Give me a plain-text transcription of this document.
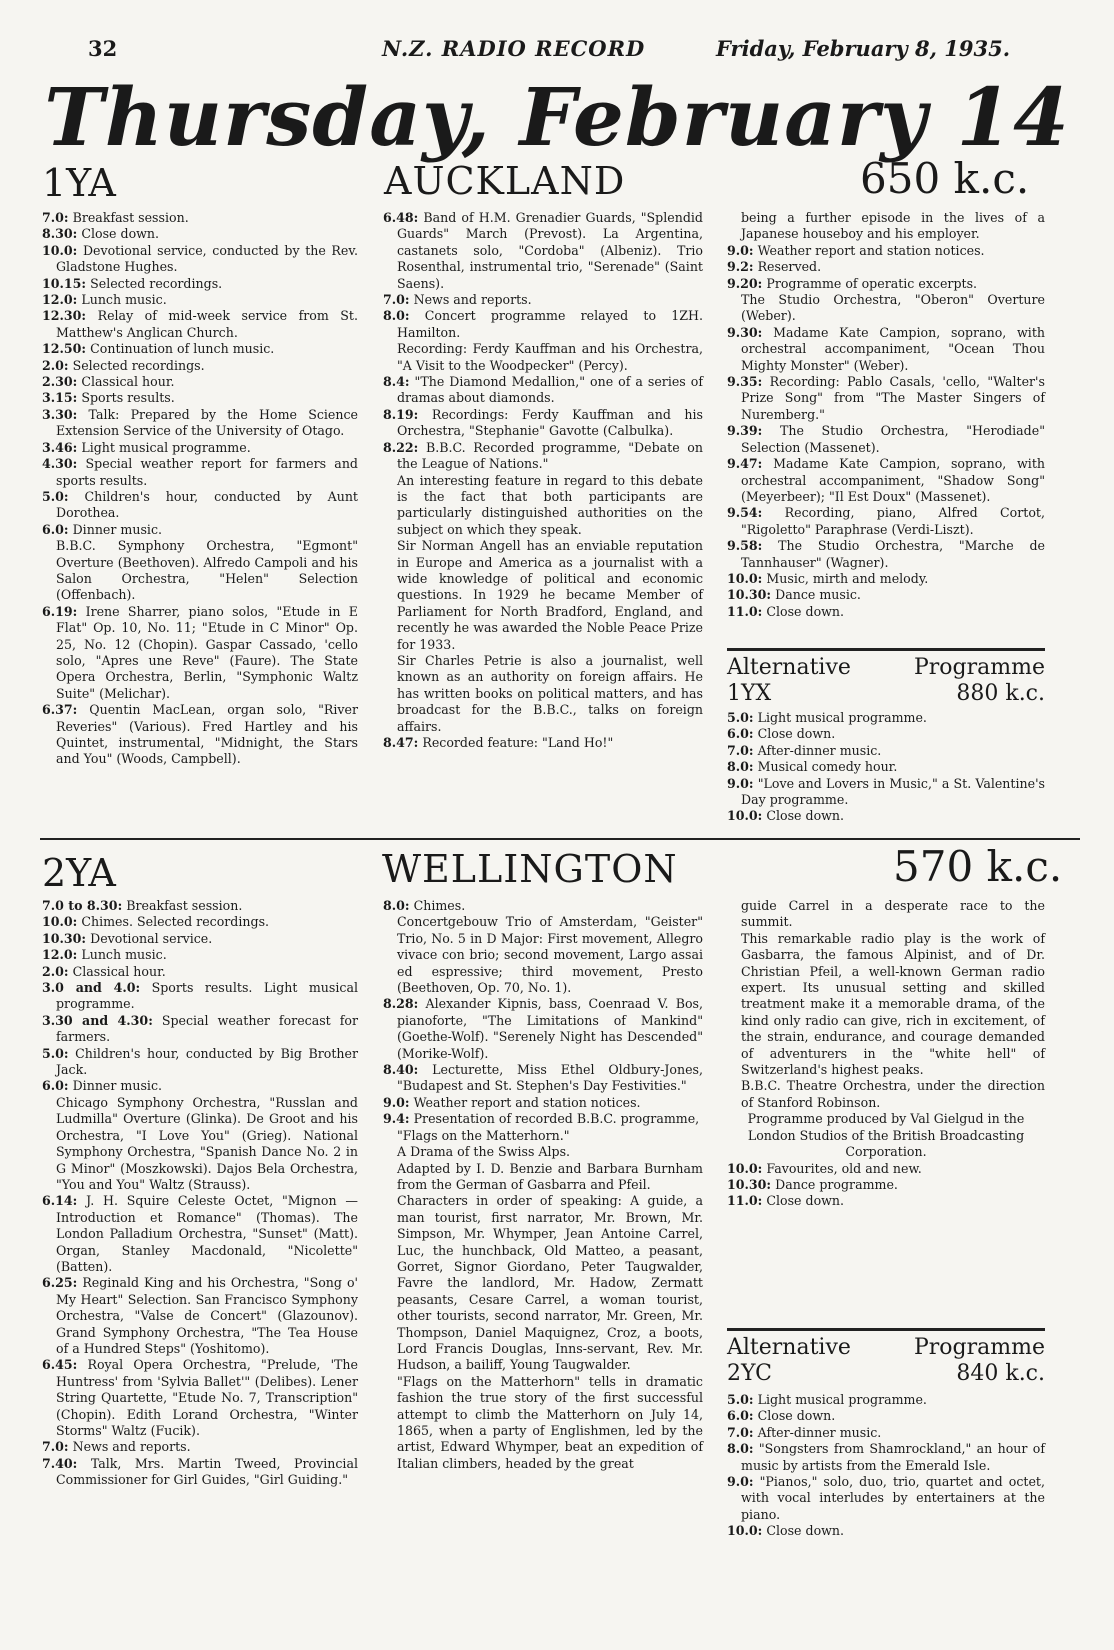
32	N.Z. RADIO RECORD	Friday, February 8, 1935.
Thursday, February 14
1YA	AUCKLAND	650 k.c.

7.0: Breakfast session.

8.30: Close down.

10.0: Devotional service, conducted by the Rev. Gladstone Hughes.

10.15: Selected recordings.

12.0: Lunch music.

12.30: Relay of mid-week service from St. Matthew's Anglican Church.

12.50: Continuation of lunch music.

2.0: Selected recordings.

2.30: Classical hour.

3.15: Sports results.

3.30: Talk: Prepared by the Home Science Extension Service of the University of Otago.

3.46: Light musical programme.

4.30: Special weather report for farmers and sports results.

5.0: Children's hour, conducted by Aunt Dorothea.

6.0: Dinner music.

B.B.C. Symphony Orchestra, "Egmont" Overture (Beethoven). Alfredo Campoli and his Salon Orchestra, "Helen" Selection (Offenbach).

6.19: Irene Sharrer, piano solos, "Etude in E Flat" Op. 10, No. 11; "Etude in C Minor" Op. 25, No. 12 (Chopin). Gaspar Cassado, 'cello solo, "Apres une Reve" (Faure). The State Opera Orchestra, Berlin, "Symphonic Waltz Suite" (Melichar).

6.37: Quentin MacLean, organ solo, "River Reveries" (Various). Fred Hartley and his Quintet, instrumental, "Midnight, the Stars and You" (Woods, Campbell).

6.48: Band of H.M. Grenadier Guards, "Splendid Guards" March (Prevost). La Argentina, castanets solo, "Cordoba" (Albeniz). Trio Rosenthal, instrumental trio, "Serenade" (Saint Saens).

7.0: News and reports.

8.0: Concert programme relayed to 1ZH. Hamilton.

Recording: Ferdy Kauffman and his Orchestra, "A Visit to the Woodpecker" (Percy).

8.4: "The Diamond Medallion," one of a series of dramas about diamonds.

8.19: Recordings: Ferdy Kauffman and his Orchestra, "Stephanie" Gavotte (Calbulka).

8.22: B.B.C. Recorded programme, "Debate on the League of Nations."

An interesting feature in regard to this debate is the fact that both participants are particularly distinguished authorities on the subject on which they speak.

Sir Norman Angell has an enviable reputation in Europe and America as a journalist with a wide knowledge of political and economic questions. In 1929 he became Member of Parliament for North Bradford, England, and recently he was awarded the Noble Peace Prize for 1933.

Sir Charles Petrie is also a journalist, well known as an authority on foreign affairs. He has written books on political matters, and has broadcast for the B.B.C., talks on foreign affairs.

8.47: Recorded feature: "Land Ho!"

being a further episode in the lives of a Japanese houseboy and his employer.

9.0: Weather report and station notices.

9.2: Reserved.

9.20: Programme of operatic excerpts.

The Studio Orchestra, "Oberon" Overture (Weber).

9.30: Madame Kate Campion, soprano, with orchestral accompaniment, "Ocean Thou Mighty Monster" (Weber).

9.35: Recording: Pablo Casals, 'cello, "Walter's Prize Song" from "The Master Singers of Nuremberg."

9.39: The Studio Orchestra, "Herodiade" Selection (Massenet).

9.47: Madame Kate Campion, soprano, with orchestral accompaniment, "Shadow Song" (Meyerbeer); "Il Est Doux" (Massenet).

9.54: Recording, piano, Alfred Cortot, "Rigoletto" Paraphrase (Verdi-Liszt).

9.58: The Studio Orchestra, "Marche de Tannhauser" (Wagner).

10.0: Music, mirth and melody.

10.30: Dance music.

11.0: Close down.

Alternative
1YX
Programme
880 k.c.

5.0: Light musical programme.

6.0: Close down.

7.0: After-dinner music.

8.0: Musical comedy hour.

9.0: "Love and Lovers in Music," a St. Valentine's Day programme.

10.0: Close down.

2YA	WELLINGTON	570 k.c.

7.0 to 8.30: Breakfast session.

10.0: Chimes. Selected recordings.

10.30: Devotional service.

12.0: Lunch music.

2.0: Classical hour.

3.0 and 4.0: Sports results. Light musical programme.

3.30 and 4.30: Special weather forecast for farmers.

5.0: Children's hour, conducted by Big Brother Jack.

6.0: Dinner music.

Chicago Symphony Orchestra, "Russlan and Ludmilla" Overture (Glinka). De Groot and his Orchestra, "I Love You" (Grieg). National Symphony Orchestra, "Spanish Dance No. 2 in G Minor" (Moszkowski). Dajos Bela Orchestra, "You and You" Waltz (Strauss).

6.14: J. H. Squire Celeste Octet, "Mignon — Introduction et Romance" (Thomas). The London Palladium Orchestra, "Sunset" (Matt). Organ, Stanley Macdonald, "Nicolette" (Batten).

6.25: Reginald King and his Orchestra, "Song o' My Heart" Selection. San Francisco Symphony Orchestra, "Valse de Concert" (Glazounov). Grand Symphony Orchestra, "The Tea House of a Hundred Steps" (Yoshitomo).

6.45: Royal Opera Orchestra, "Prelude, 'The Huntress' from 'Sylvia Ballet'" (Delibes). Lener String Quartette, "Etude No. 7, Transcription" (Chopin). Edith Lorand Orchestra, "Winter Storms" Waltz (Fucik).

7.0: News and reports.

7.40: Talk, Mrs. Martin Tweed, Provincial Commissioner for Girl Guides, "Girl Guiding."

8.0: Chimes.

Concertgebouw Trio of Amsterdam, "Geister" Trio, No. 5 in D Major: First movement, Allegro vivace con brio; second movement, Largo assai ed espressive; third movement, Presto (Beethoven, Op. 70, No. 1).

8.28: Alexander Kipnis, bass, Coenraad V. Bos, pianoforte, "The Limitations of Mankind" (Goethe-Wolf). "Serenely Night has Descended" (Morike-Wolf).

8.40: Lecturette, Miss Ethel Oldbury-Jones, "Budapest and St. Stephen's Day Festivities."

9.0: Weather report and station notices.

9.4: Presentation of recorded B.B.C. programme,

"Flags on the Matterhorn."

A Drama of the Swiss Alps.

Adapted by I. D. Benzie and Barbara Burnham from the German of Gasbarra and Pfeil.

Characters in order of speaking: A guide, a man tourist, first narrator, Mr. Brown, Mr. Simpson, Mr. Whymper, Jean Antoine Carrel, Luc, the hunchback, Old Matteo, a peasant, Gorret, Signor Giordano, Peter Taugwalder, Favre the landlord, Mr. Hadow, Zermatt peasants, Cesare Carrel, a woman tourist, other tourists, second narrator, Mr. Green, Mr. Thompson, Daniel Maquignez, Croz, a boots, Lord Francis Douglas, Inns-servant, Rev. Mr. Hudson, a bailiff, Young Taugwalder.

"Flags on the Matterhorn" tells in dramatic fashion the true story of the first successful attempt to climb the Matterhorn on July 14, 1865, when a party of Englishmen, led by the artist, Edward Whymper, beat an expedition of Italian climbers, headed by the great

guide Carrel in a desperate race to the summit.

This remarkable radio play is the work of Gasbarra, the famous Alpinist, and of Dr. Christian Pfeil, a well-known German radio expert. Its unusual setting and skilled treatment make it a memorable drama, of the kind only radio can give, rich in excitement, of the strain, endurance, and courage demanded of adventurers in the "white hell" of Switzerland's highest peaks.

B.B.C. Theatre Orchestra, under the direction of Stanford Robinson.

Programme produced by Val Gielgud in the London Studios of the British Broadcasting Corporation.

10.0: Favourites, old and new.

10.30: Dance programme.

11.0: Close down.

Alternative
2YC
Programme
840 k.c.

5.0: Light musical programme.

6.0: Close down.

7.0: After-dinner music.

8.0: "Songsters from Shamrockland," an hour of music by artists from the Emerald Isle.

9.0: "Pianos," solo, duo, trio, quartet and octet, with vocal interludes by entertainers at the piano.

10.0: Close down.
